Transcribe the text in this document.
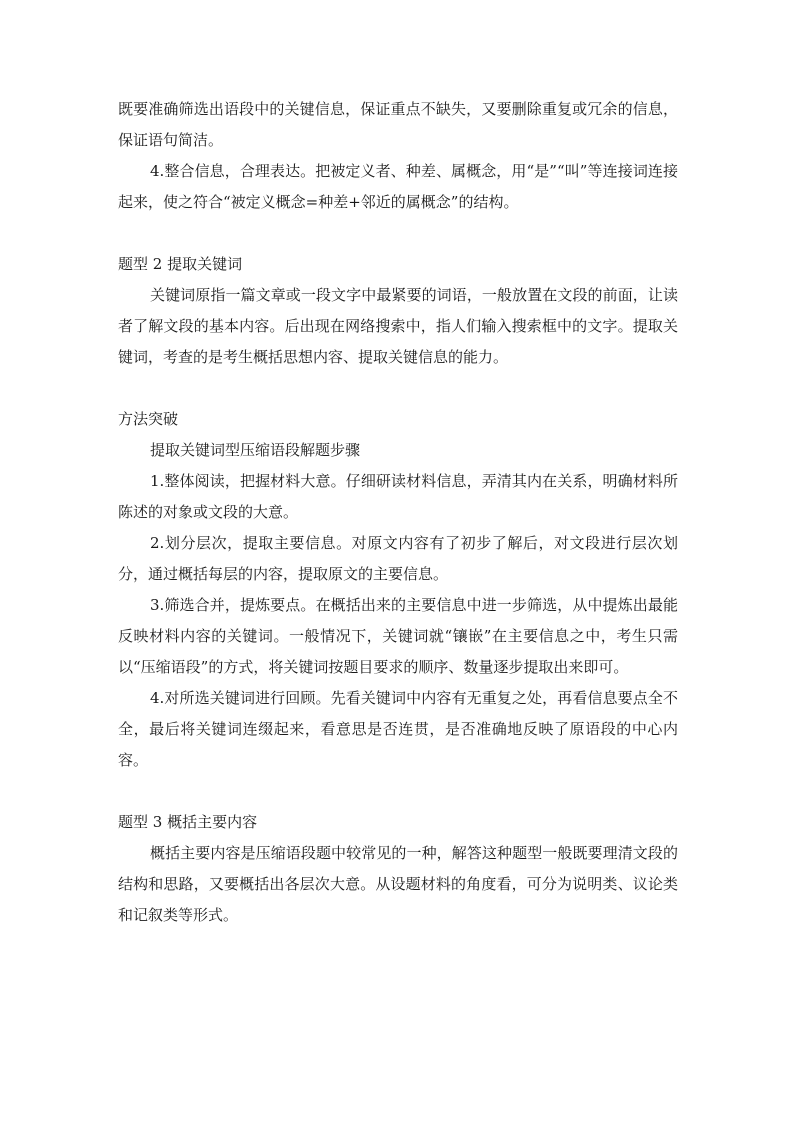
既要准确筛选出语段中的关键信息，保证重点不缺失，又要删除重复或冗余的信息，保证语句简洁。

4.整合信息，合理表达。把被定义者、种差、属概念，用“是”“叫”等连接词连接起来，使之符合“被定义概念=种差+邻近的属概念”的结构。

题型 2 提取关键词

关键词原指一篇文章或一段文字中最紧要的词语，一般放置在文段的前面，让读者了解文段的基本内容。后出现在网络搜索中，指人们输入搜索框中的文字。提取关键词，考查的是考生概括思想内容、提取关键信息的能力。

方法突破

提取关键词型压缩语段解题步骤

1.整体阅读，把握材料大意。仔细研读材料信息，弄清其内在关系，明确材料所陈述的对象或文段的大意。

2.划分层次，提取主要信息。对原文内容有了初步了解后，对文段进行层次划分，通过概括每层的内容，提取原文的主要信息。

3.筛选合并，提炼要点。在概括出来的主要信息中进一步筛选，从中提炼出最能反映材料内容的关键词。一般情况下，关键词就“镶嵌”在主要信息之中，考生只需以“压缩语段”的方式，将关键词按题目要求的顺序、数量逐步提取出来即可。

4.对所选关键词进行回顾。先看关键词中内容有无重复之处，再看信息要点全不全，最后将关键词连缀起来，看意思是否连贯，是否准确地反映了原语段的中心内容。

题型 3 概括主要内容

概括主要内容是压缩语段题中较常见的一种，解答这种题型一般既要理清文段的结构和思路，又要概括出各层次大意。从设题材料的角度看，可分为说明类、议论类和记叙类等形式。
